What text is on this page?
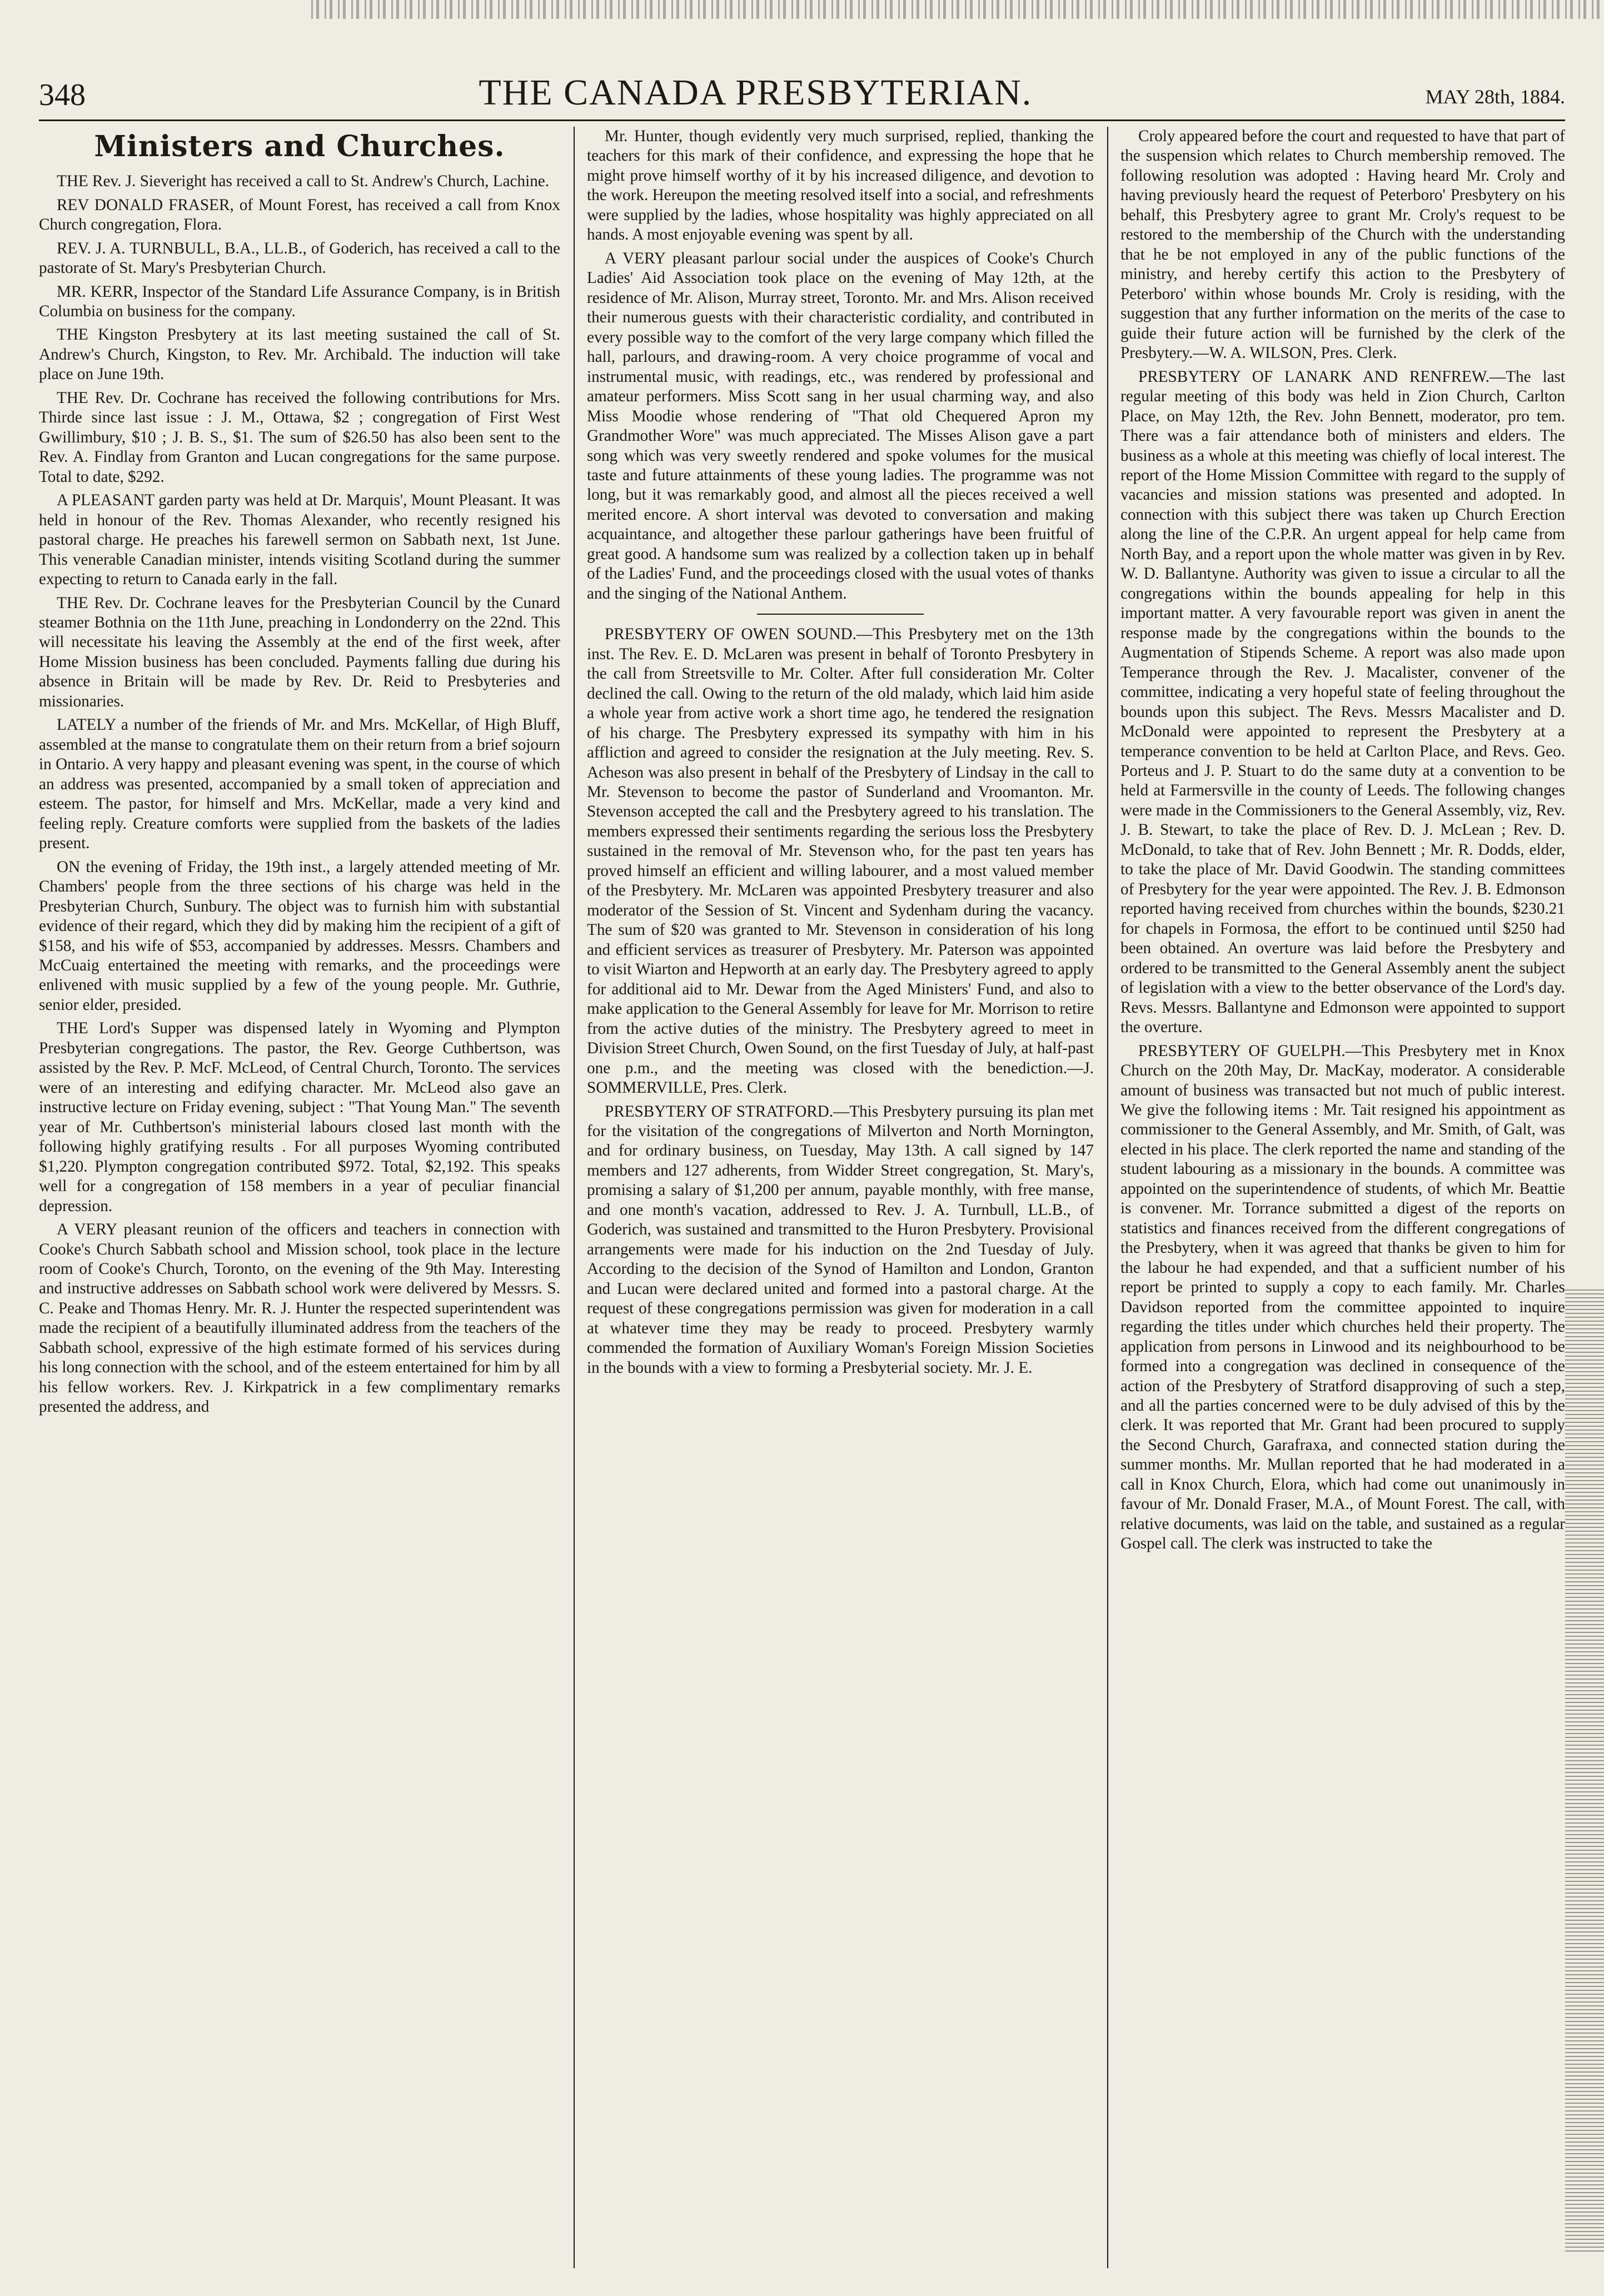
348	THE CANADA PRESBYTERIAN.	MAY 28th, 1884.
Ministers and Churches.

THE Rev. J. Sieveright has received a call to St. Andrew's Church, Lachine.

REV DONALD FRASER, of Mount Forest, has received a call from Knox Church congregation, Flora.

REV. J. A. TURNBULL, B.A., LL.B., of Goderich, has received a call to the pastorate of St. Mary's Presbyterian Church.

MR. KERR, Inspector of the Standard Life Assurance Company, is in British Columbia on business for the company.

THE Kingston Presbytery at its last meeting sustained the call of St. Andrew's Church, Kingston, to Rev. Mr. Archibald. The induction will take place on June 19th.

THE Rev. Dr. Cochrane has received the following contributions for Mrs. Thirde since last issue : J. M., Ottawa, $2 ; congregation of First West Gwillimbury, $10 ; J. B. S., $1. The sum of $26.50 has also been sent to the Rev. A. Findlay from Granton and Lucan congregations for the same purpose. Total to date, $292.

A PLEASANT garden party was held at Dr. Marquis', Mount Pleasant. It was held in honour of the Rev. Thomas Alexander, who recently resigned his pastoral charge. He preaches his farewell sermon on Sabbath next, 1st June. This venerable Canadian minister, intends visiting Scotland during the summer expecting to return to Canada early in the fall.

THE Rev. Dr. Cochrane leaves for the Presbyterian Council by the Cunard steamer Bothnia on the 11th June, preaching in Londonderry on the 22nd. This will necessitate his leaving the Assembly at the end of the first week, after Home Mission business has been concluded. Payments falling due during his absence in Britain will be made by Rev. Dr. Reid to Presbyteries and missionaries.

LATELY a number of the friends of Mr. and Mrs. McKellar, of High Bluff, assembled at the manse to congratulate them on their return from a brief sojourn in Ontario. A very happy and pleasant evening was spent, in the course of which an address was presented, accompanied by a small token of appreciation and esteem. The pastor, for himself and Mrs. McKellar, made a very kind and feeling reply. Creature comforts were supplied from the baskets of the ladies present.

ON the evening of Friday, the 19th inst., a largely attended meeting of Mr. Chambers' people from the three sections of his charge was held in the Presbyterian Church, Sunbury. The object was to furnish him with substantial evidence of their regard, which they did by making him the recipient of a gift of $158, and his wife of $53, accompanied by addresses. Messrs. Chambers and McCuaig entertained the meeting with remarks, and the proceedings were enlivened with music supplied by a few of the young people. Mr. Guthrie, senior elder, presided.

THE Lord's Supper was dispensed lately in Wyoming and Plympton Presbyterian congregations. The pastor, the Rev. George Cuthbertson, was assisted by the Rev. P. McF. McLeod, of Central Church, Toronto. The services were of an interesting and edifying character. Mr. McLeod also gave an instructive lecture on Friday evening, subject : "That Young Man." The seventh year of Mr. Cuthbertson's ministerial labours closed last month with the following highly gratifying results . For all purposes Wyoming contributed $1,220. Plympton congregation contributed $972. Total, $2,192. This speaks well for a congregation of 158 members in a year of peculiar financial depression.

A VERY pleasant reunion of the officers and teachers in connection with Cooke's Church Sabbath school and Mission school, took place in the lecture room of Cooke's Church, Toronto, on the evening of the 9th May. Interesting and instructive addresses on Sabbath school work were delivered by Messrs. S. C. Peake and Thomas Henry. Mr. R. J. Hunter the respected superintendent was made the recipient of a beautifully illuminated address from the teachers of the Sabbath school, expressive of the high estimate formed of his services during his long connection with the school, and of the esteem entertained for him by all his fellow workers. Rev. J. Kirkpatrick in a few complimentary remarks presented the address, and

Mr. Hunter, though evidently very much surprised, replied, thanking the teachers for this mark of their confidence, and expressing the hope that he might prove himself worthy of it by his increased diligence, and devotion to the work. Hereupon the meeting resolved itself into a social, and refreshments were supplied by the ladies, whose hospitality was highly appreciated on all hands. A most enjoyable evening was spent by all.

A VERY pleasant parlour social under the auspices of Cooke's Church Ladies' Aid Association took place on the evening of May 12th, at the residence of Mr. Alison, Murray street, Toronto. Mr. and Mrs. Alison received their numerous guests with their characteristic cordiality, and contributed in every possible way to the comfort of the very large company which filled the hall, parlours, and drawing-room. A very choice programme of vocal and instrumental music, with readings, etc., was rendered by professional and amateur performers. Miss Scott sang in her usual charming way, and also Miss Moodie whose rendering of "That old Chequered Apron my Grandmother Wore" was much appreciated. The Misses Alison gave a part song which was very sweetly rendered and spoke volumes for the musical taste and future attainments of these young ladies. The programme was not long, but it was remarkably good, and almost all the pieces received a well merited encore. A short interval was devoted to conversation and making acquaintance, and altogether these parlour gatherings have been fruitful of great good. A handsome sum was realized by a collection taken up in behalf of the Ladies' Fund, and the proceedings closed with the usual votes of thanks and the singing of the National Anthem.

PRESBYTERY OF OWEN SOUND.—This Presbytery met on the 13th inst. The Rev. E. D. McLaren was present in behalf of Toronto Presbytery in the call from Streetsville to Mr. Colter. After full consideration Mr. Colter declined the call. Owing to the return of the old malady, which laid him aside a whole year from active work a short time ago, he tendered the resignation of his charge. The Presbytery expressed its sympathy with him in his affliction and agreed to consider the resignation at the July meeting. Rev. S. Acheson was also present in behalf of the Presbytery of Lindsay in the call to Mr. Stevenson to become the pastor of Sunderland and Vroomanton. Mr. Stevenson accepted the call and the Presbytery agreed to his translation. The members expressed their sentiments regarding the serious loss the Presbytery sustained in the removal of Mr. Stevenson who, for the past ten years has proved himself an efficient and willing labourer, and a most valued member of the Presbytery. Mr. McLaren was appointed Presbytery treasurer and also moderator of the Session of St. Vincent and Sydenham during the vacancy. The sum of $20 was granted to Mr. Stevenson in consideration of his long and efficient services as treasurer of Presbytery. Mr. Paterson was appointed to visit Wiarton and Hepworth at an early day. The Presbytery agreed to apply for additional aid to Mr. Dewar from the Aged Ministers' Fund, and also to make application to the General Assembly for leave for Mr. Morrison to retire from the active duties of the ministry. The Presbytery agreed to meet in Division Street Church, Owen Sound, on the first Tuesday of July, at half-past one p.m., and the meeting was closed with the benediction.—J. SOMMERVILLE, Pres. Clerk.

PRESBYTERY OF STRATFORD.—This Presbytery pursuing its plan met for the visitation of the congregations of Milverton and North Mornington, and for ordinary business, on Tuesday, May 13th. A call signed by 147 members and 127 adherents, from Widder Street congregation, St. Mary's, promising a salary of $1,200 per annum, payable monthly, with free manse, and one month's vacation, addressed to Rev. J. A. Turnbull, LL.B., of Goderich, was sustained and transmitted to the Huron Presbytery. Provisional arrangements were made for his induction on the 2nd Tuesday of July. According to the decision of the Synod of Hamilton and London, Granton and Lucan were declared united and formed into a pastoral charge. At the request of these congregations permission was given for moderation in a call at whatever time they may be ready to proceed. Presbytery warmly commended the formation of Auxiliary Woman's Foreign Mission Societies in the bounds with a view to forming a Presbyterial society. Mr. J. E.

Croly appeared before the court and requested to have that part of the suspension which relates to Church membership removed. The following resolution was adopted : Having heard Mr. Croly and having previously heard the request of Peterboro' Presbytery on his behalf, this Presbytery agree to grant Mr. Croly's request to be restored to the membership of the Church with the understanding that he be not employed in any of the public functions of the ministry, and hereby certify this action to the Presbytery of Peterboro' within whose bounds Mr. Croly is residing, with the suggestion that any further information on the merits of the case to guide their future action will be furnished by the clerk of the Presbytery.—W. A. WILSON, Pres. Clerk.

PRESBYTERY OF LANARK AND RENFREW.—The last regular meeting of this body was held in Zion Church, Carlton Place, on May 12th, the Rev. John Bennett, moderator, pro tem. There was a fair attendance both of ministers and elders. The business as a whole at this meeting was chiefly of local interest. The report of the Home Mission Committee with regard to the supply of vacancies and mission stations was presented and adopted. In connection with this subject there was taken up Church Erection along the line of the C.P.R. An urgent appeal for help came from North Bay, and a report upon the whole matter was given in by Rev. W. D. Ballantyne. Authority was given to issue a circular to all the congregations within the bounds appealing for help in this important matter. A very favourable report was given in anent the response made by the congregations within the bounds to the Augmentation of Stipends Scheme. A report was also made upon Temperance through the Rev. J. Macalister, convener of the committee, indicating a very hopeful state of feeling throughout the bounds upon this subject. The Revs. Messrs Macalister and D. McDonald were appointed to represent the Presbytery at a temperance convention to be held at Carlton Place, and Revs. Geo. Porteus and J. P. Stuart to do the same duty at a convention to be held at Farmersville in the county of Leeds. The following changes were made in the Commissioners to the General Assembly, viz, Rev. J. B. Stewart, to take the place of Rev. D. J. McLean ; Rev. D. McDonald, to take that of Rev. John Bennett ; Mr. R. Dodds, elder, to take the place of Mr. David Goodwin. The standing committees of Presbytery for the year were appointed. The Rev. J. B. Edmonson reported having received from churches within the bounds, $230.21 for chapels in Formosa, the effort to be continued until $250 had been obtained. An overture was laid before the Presbytery and ordered to be transmitted to the General Assembly anent the subject of legislation with a view to the better observance of the Lord's day. Revs. Messrs. Ballantyne and Edmonson were appointed to support the overture.

PRESBYTERY OF GUELPH.—This Presbytery met in Knox Church on the 20th May, Dr. MacKay, moderator. A considerable amount of business was transacted but not much of public interest. We give the following items : Mr. Tait resigned his appointment as commissioner to the General Assembly, and Mr. Smith, of Galt, was elected in his place. The clerk reported the name and standing of the student labouring as a missionary in the bounds. A committee was appointed on the superintendence of students, of which Mr. Beattie is convener. Mr. Torrance submitted a digest of the reports on statistics and finances received from the different congregations of the Presbytery, when it was agreed that thanks be given to him for the labour he had expended, and that a sufficient number of his report be printed to supply a copy to each family. Mr. Charles Davidson reported from the committee appointed to inquire regarding the titles under which churches held their property. The application from persons in Linwood and its neighbourhood to be formed into a congregation was declined in consequence of the action of the Presbytery of Stratford disapproving of such a step, and all the parties concerned were to be duly advised of this by the clerk. It was reported that Mr. Grant had been procured to supply the Second Church, Garafraxa, and connected station during the summer months. Mr. Mullan reported that he had moderated in a call in Knox Church, Elora, which had come out unanimously in favour of Mr. Donald Fraser, M.A., of Mount Forest. The call, with relative documents, was laid on the table, and sustained as a regular Gospel call. The clerk was instructed to take the
